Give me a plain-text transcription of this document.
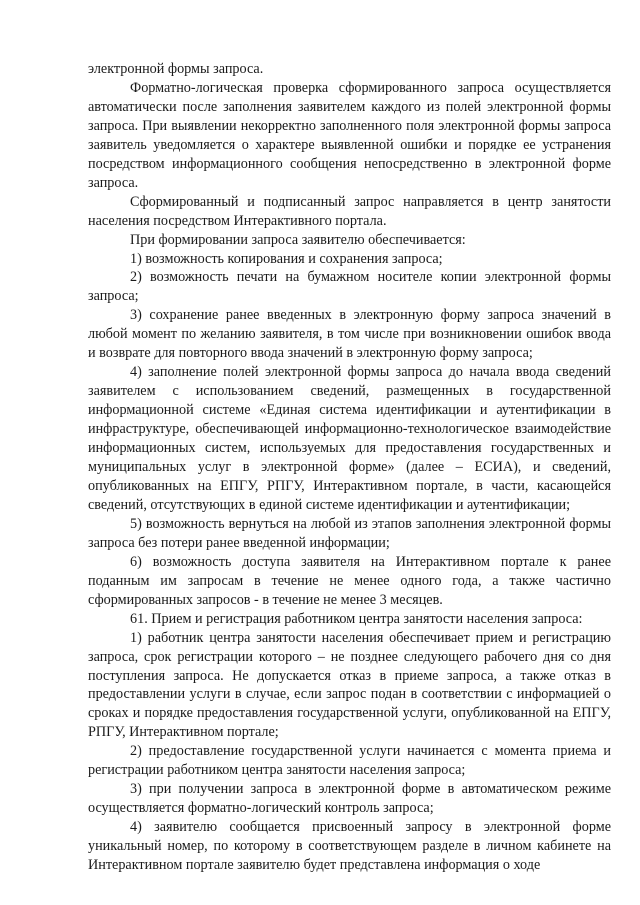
электронной формы запроса.

Форматно-логическая проверка сформированного запроса осуществляется автоматически после заполнения заявителем каждого из полей электронной формы запроса. При выявлении некорректно заполненного поля электронной формы запроса заявитель уведомляется о характере выявленной ошибки и порядке ее устранения посредством информационного сообщения непосредственно в электронной форме запроса.

Сформированный и подписанный запрос направляется в центр занятости населения посредством Интерактивного портала.

При формировании запроса заявителю обеспечивается:

1) возможность копирования и сохранения запроса;

2) возможность печати на бумажном носителе копии электронной формы запроса;

3) сохранение ранее введенных в электронную форму запроса значений в любой момент по желанию заявителя, в том числе при возникновении ошибок ввода и возврате для повторного ввода значений в электронную форму запроса;

4) заполнение полей электронной формы запроса до начала ввода сведений заявителем с использованием сведений, размещенных в государственной информационной системе «Единая система идентификации и аутентификации в инфраструктуре, обеспечивающей информационно-технологическое взаимодействие информационных систем, используемых для предоставления государственных и муниципальных услуг в электронной форме» (далее – ЕСИА), и сведений, опубликованных на ЕПГУ, РПГУ, Интерактивном портале, в части, касающейся сведений, отсутствующих в единой системе идентификации и аутентификации;

5) возможность вернуться на любой из этапов заполнения электронной формы запроса без потери ранее введенной информации;

6) возможность доступа заявителя на Интерактивном портале к ранее поданным им запросам в течение не менее одного года, а также частично сформированных запросов - в течение не менее 3 месяцев.

61. Прием и регистрация работником центра занятости населения запроса:

1) работник центра занятости населения обеспечивает прием и регистрацию запроса, срок регистрации которого – не позднее следующего рабочего дня со дня поступления запроса. Не допускается отказ в приеме запроса, а также отказ в предоставлении услуги в случае, если запрос подан в соответствии с информацией о сроках и порядке предоставления государственной услуги, опубликованной на ЕПГУ, РПГУ, Интерактивном портале;

2) предоставление государственной услуги начинается с момента приема и регистрации работником центра занятости населения запроса;

3) при получении запроса в электронной форме в автоматическом режиме осуществляется форматно-логический контроль запроса;

4) заявителю сообщается присвоенный запросу в электронной форме уникальный номер, по которому в соответствующем разделе в личном кабинете на Интерактивном портале заявителю будет представлена информация о ходе
